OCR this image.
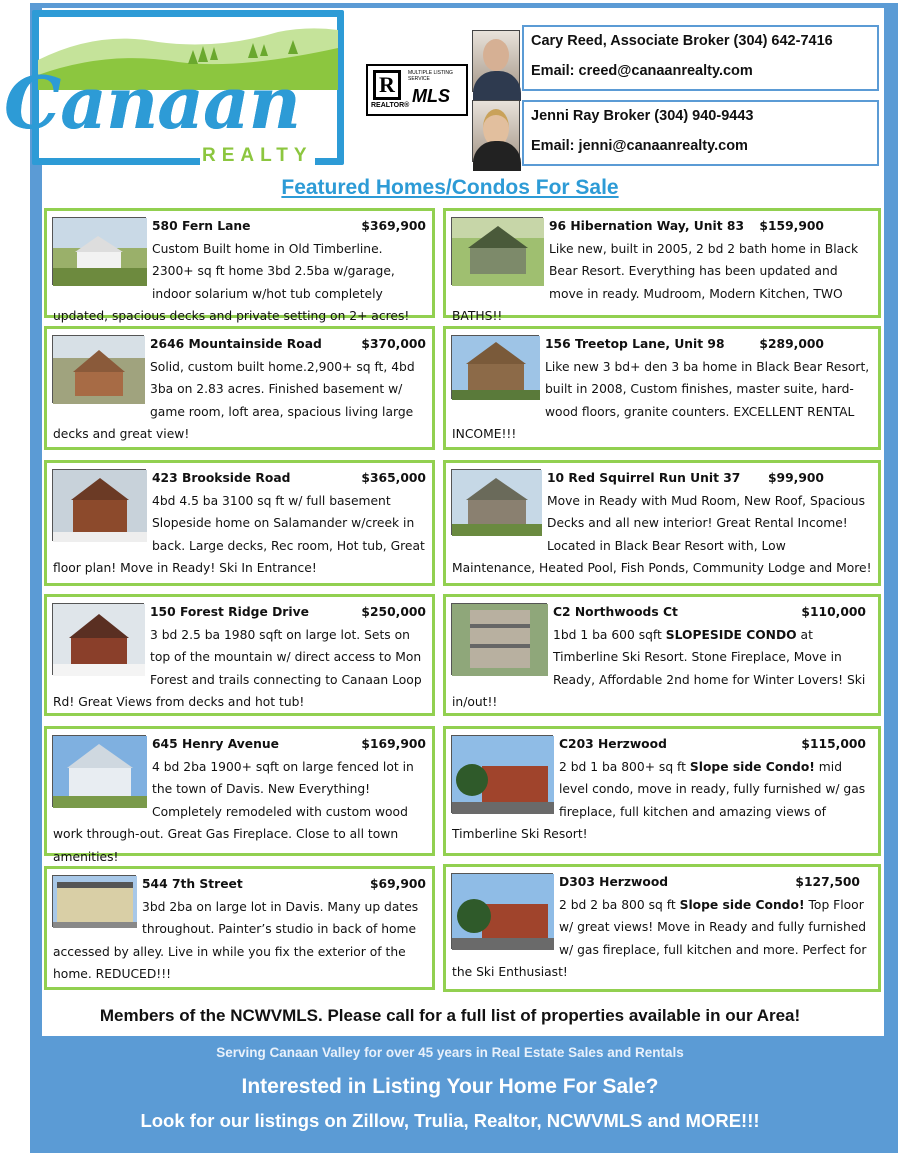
Canaan
REALTY
R
REALTOR®
MULTIPLE LISTING SERVICE
MLS
Cary Reed, Associate Broker (304) 642-7416
Email: creed@canaanrealty.com
Jenni Ray Broker (304) 940-9443
Email: jenni@canaanrealty.com
Featured Homes/Condos For Sale
580 Fern Lane	$369,900
Custom Built home in Old Timberline. 2300+ sq ft home 3bd 2.5ba w/garage, indoor solarium w/hot tub completely updated, spacious decks and private setting on 2+ acres!
2646 Mountainside Road	$370,000
Solid, custom built home.2,900+ sq ft, 4bd 3ba on 2.83 acres. Finished basement w/ game room, loft area, spacious living large decks and great view!
423 Brookside Road	$365,000
4bd 4.5 ba 3100 sq ft w/ full basement Slopeside home on Salamander w/creek in back. Large decks, Rec room, Hot tub, Great floor plan! Move in Ready! Ski In Entrance!
150 Forest Ridge Drive	$250,000
3 bd 2.5 ba 1980 sqft on large lot. Sets on top of the mountain w/ direct access to Mon Forest and trails connecting to Canaan Loop Rd! Great Views from decks and hot tub!
645 Henry Avenue	$169,900
4 bd 2ba 1900+ sqft on large fenced lot in the town of Davis. New Everything! Completely remodeled with custom wood work through-out. Great Gas Fireplace. Close to all town amenities!
544 7th Street	$69,900
3bd 2ba on large lot in Davis. Many up dates throughout. Painter’s studio in back of home accessed by alley. Live in while you fix the exterior of the home. REDUCED!!!
96 Hibernation Way, Unit 83 $159,900
Like new, built in 2005, 2 bd 2 bath home in Black Bear Resort. Everything has been updated and move in ready. Mudroom, Modern Kitchen, TWO BATHS!!
156 Treetop Lane, Unit 98	$289,000
Like new 3 bd+ den 3 ba home in Black Bear Resort, built in 2008, Custom finishes, master suite, hard-wood floors, granite counters. EXCELLENT RENTAL INCOME!!!
10 Red Squirrel Run Unit 37 $99,900
Move in Ready with Mud Room, New Roof, Spacious Decks and all new interior! Great Rental Income! Located in Black Bear Resort with, Low Maintenance, Heated Pool, Fish Ponds, Community Lodge and More!
C2 Northwoods Ct	$110,000
1bd 1 ba 600 sqft SLOPESIDE CONDO at Timberline Ski Resort. Stone Fireplace, Move in Ready, Affordable 2nd home for Winter Lovers! Ski in/out!!
C203 Herzwood	$115,000
2 bd 1 ba 800+ sq ft Slope side Condo! mid level condo, move in ready, fully furnished w/ gas fireplace, full kitchen and amazing views of Timberline Ski Resort!
D303 Herzwood	$127,500
2 bd 2 ba 800 sq ft Slope side Condo! Top Floor w/ great views! Move in Ready and fully furnished w/ gas fireplace, full kitchen and more. Perfect for the Ski Enthusiast!
Members of the NCWVMLS. Please call for a full list of properties available in our Area!
Serving Canaan Valley for over 45 years in Real Estate Sales and Rentals
Interested in Listing Your Home For Sale?
Look for our listings on Zillow, Trulia, Realtor, NCWVMLS and MORE!!!
